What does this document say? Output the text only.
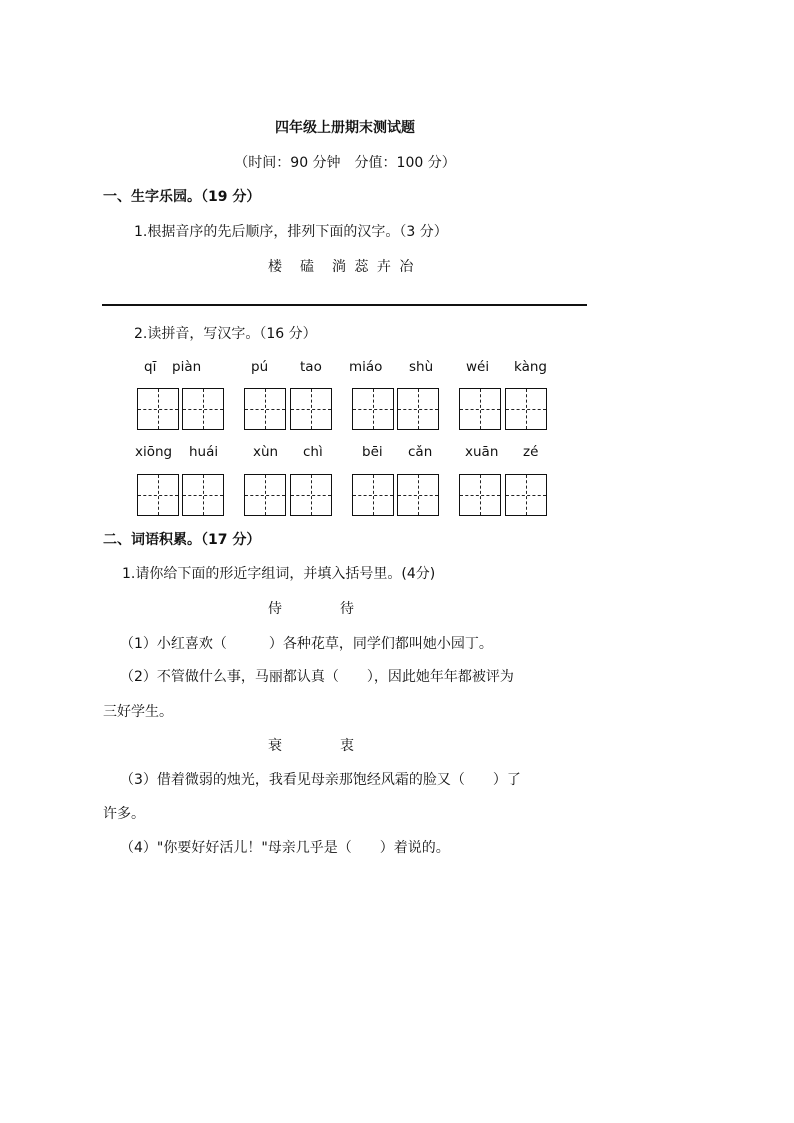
四年级上册期末测试题
（时间：90 分钟　分值：100 分）
一、生字乐园。（19 分）
1.根据音序的先后顺序，排列下面的汉字。（3 分）
楼　磕　淌 蕊 卉 冶
2.读拼音，写汉字。（16 分）
qī piàn	pú tao miáo shù wéi kàng
xiōng huái	xùn chì	bēi cǎn xuān zé
二、词语积累。（17 分）
1.请你给下面的形近字组词，并填入括号里。(4分)
侍	待
（1）小红喜欢（　　　）各种花草，同学们都叫她小园丁。
（2）不管做什么事，马丽都认真（　　），因此她年年都被评为
三好学生。
衰	衷
（3）借着微弱的烛光，我看见母亲那饱经风霜的脸又（　　）了
许多。
（4）"你要好好活儿！"母亲几乎是（　　）着说的。
